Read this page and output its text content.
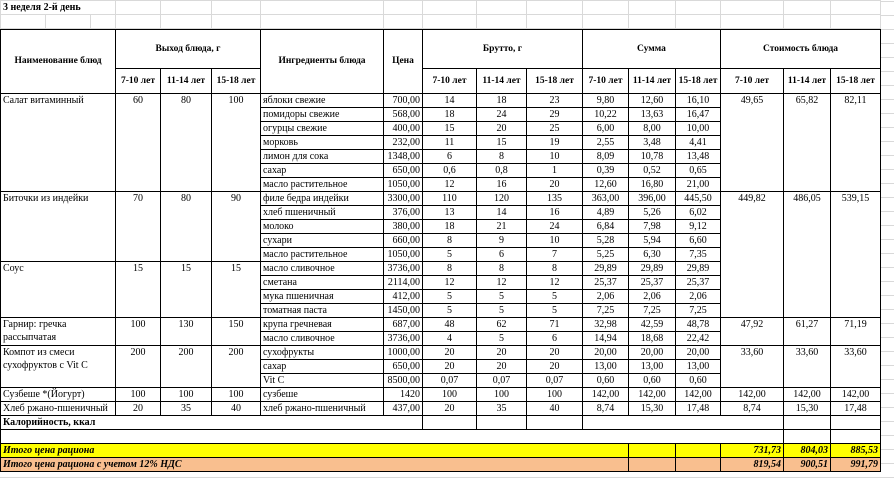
3 неделя 2-й день																

Наименование блюд	Выход блюда, г			Ингредиенты блюда	Цена	Брутто, г			Сумма			Стоимость блюда		
	7-10 лет	11-14 лет	15-18 лет			7-10 лет	11-14 лет	15-18 лет	7-10 лет	11-14 лет	15-18 лет	7-10 лет	11-14 лет	15-18 лет
Салат витаминный	60	80	100	яблоки свежие	700,00	14	18	23	9,80	12,60	16,10	49,65	65,82	82,11
				помидоры свежие	568,00	18	24	29	10,22	13,63	16,47			
				огурцы свежие	400,00	15	20	25	6,00	8,00	10,00			
				морковь	232,00	11	15	19	2,55	3,48	4,41			
				лимон для сока	1348,00	6	8	10	8,09	10,78	13,48			
				сахар	650,00	0,6	0,8	1	0,39	0,52	0,65			
				масло растительное	1050,00	12	16	20	12,60	16,80	21,00			
Биточки из индейки	70	80	90	филе бедра индейки	3300,00	110	120	135	363,00	396,00	445,50	449,82	486,05	539,15
				хлеб пшеничный	376,00	13	14	16	4,89	5,26	6,02			
				молоко	380,00	18	21	24	6,84	7,98	9,12			
				сухари	660,00	8	9	10	5,28	5,94	6,60			
				масло растительное	1050,00	5	6	7	5,25	6,30	7,35			
Соус	15	15	15	масло сливочное	3736,00	8	8	8	29,89	29,89	29,89			
				сметана	2114,00	12	12	12	25,37	25,37	25,37			
				мука пшеничная	412,00	5	5	5	2,06	2,06	2,06			
				томатная паста	1450,00	5	5	5	7,25	7,25	7,25			
Гарнир: гречка рассыпчатая	100	130	150	крупа гречневая	687,00	48	62	71	32,98	42,59	48,78	47,92	61,27	71,19
				масло сливочное	3736,00	4	5	6	14,94	18,68	22,42			
Компот из смеси сухофруктов с Vit C	200	200	200	сухофрукты	1000,00	20	20	20	20,00	20,00	20,00	33,60	33,60	33,60
				сахар	650,00	20	20	20	13,00	13,00	13,00			
				Vit C	8500,00	0,07	0,07	0,07	0,60	0,60	0,60			
Сузбеше *(Йогурт)	100	100	100	сузбеше	1420	100	100	100	142,00	142,00	142,00	142,00	142,00	142,00
Хлеб ржано-пшеничный	20	35	40	хлеб ржано-пшеничный	437,00	20	35	40	8,74	15,30	17,48	8,74	15,30	17,48
Калорийность, ккал														

Итого цена рациона												731,73	804,03	885,53
Итого цена рациона с учетом 12% НДС												819,54	900,51	991,79
